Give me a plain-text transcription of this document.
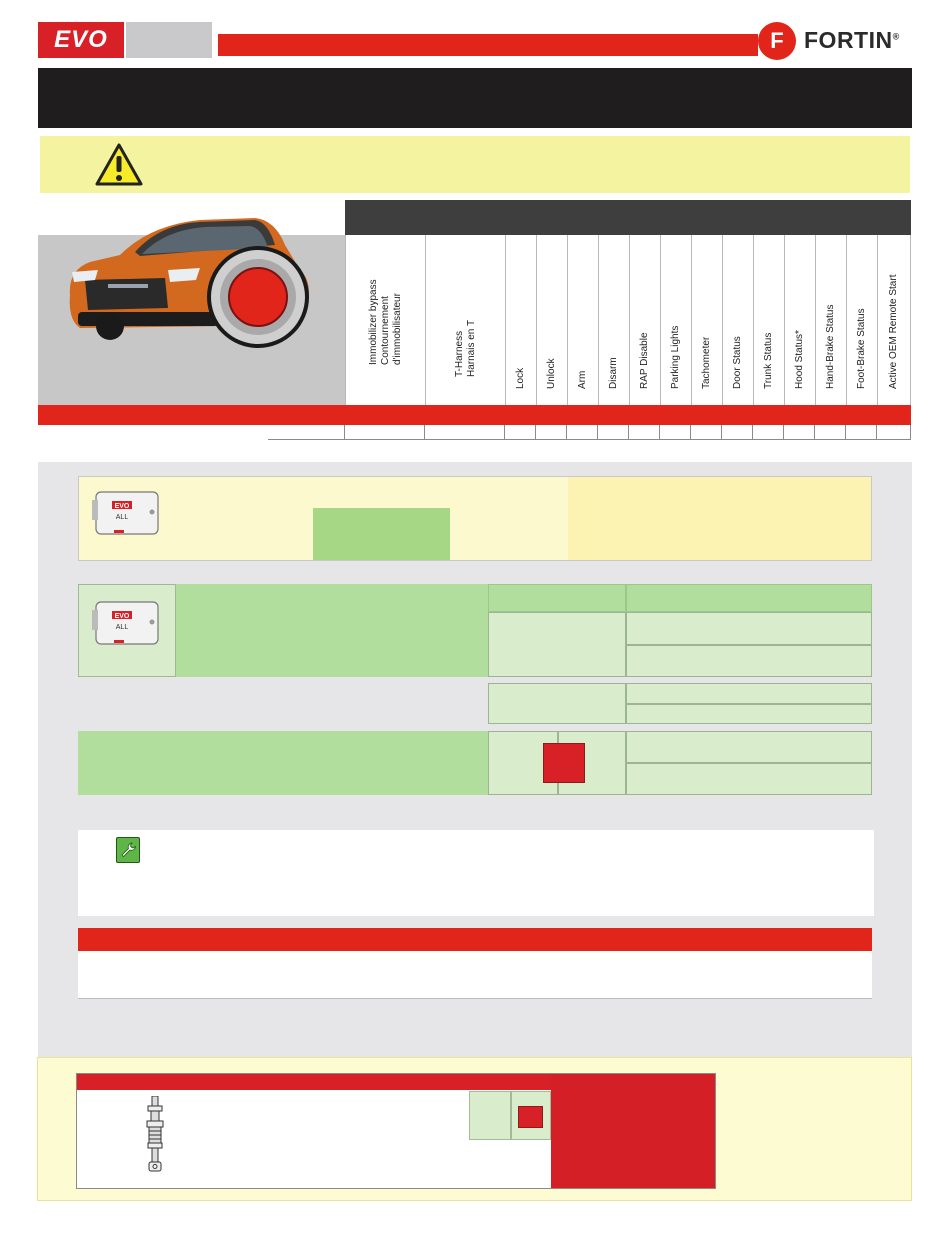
EVO	F FORTIN®
Immobilizer bypass
Contournement
d'immobilisateur	T-Harness
Harnais en T
Lock Unlock Arm Disarm RAP Disable Parking Lights Tachometer Door Status Trunk Status Hood Status* Hand-Brake Status Foot-Brake Status Active OEM Remote Start
EVO
ALL
EVO
ALL
